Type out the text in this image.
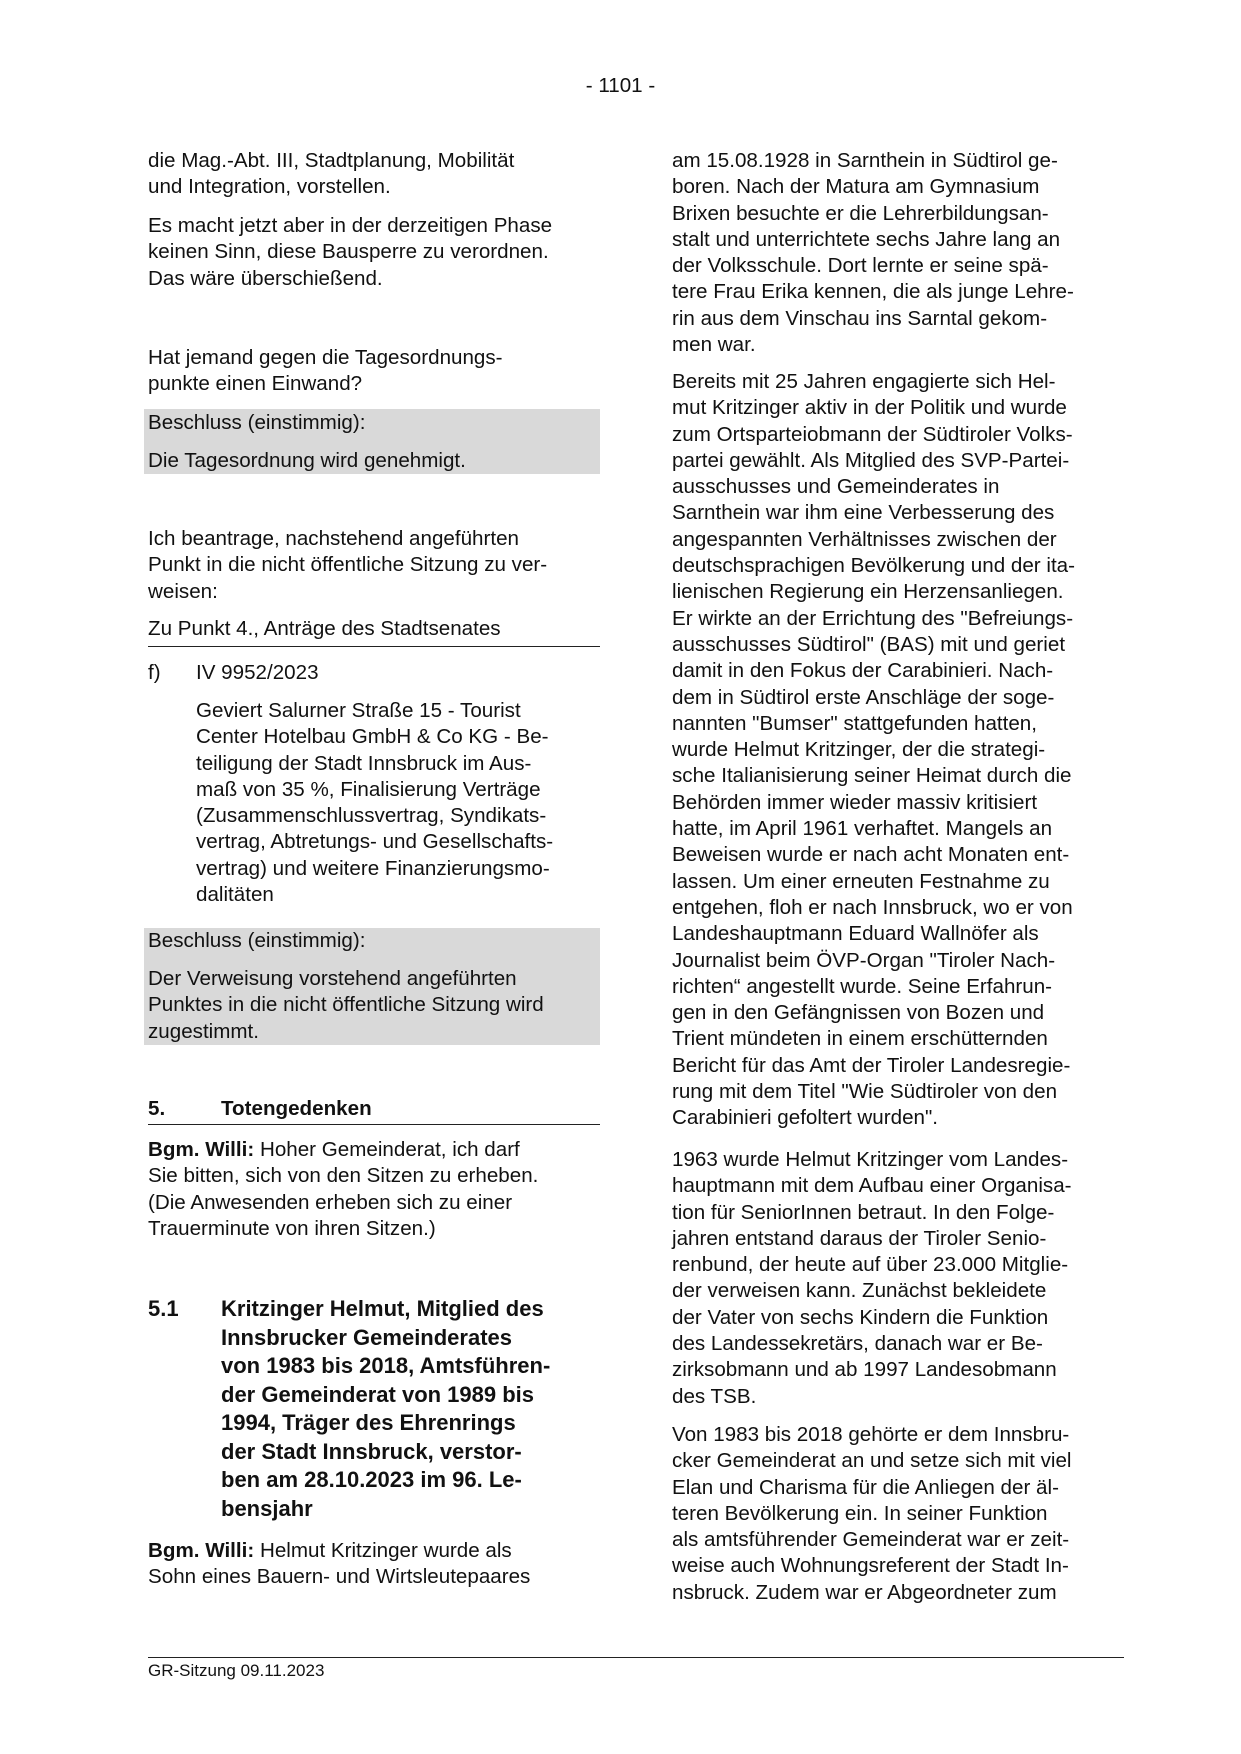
- 1101 -
die Mag.-Abt. III, Stadtplanung, Mobilität
und Integration, vorstellen.
Es macht jetzt aber in der derzeitigen Phase
keinen Sinn, diese Bausperre zu verordnen.
Das wäre überschießend.
Hat jemand gegen die Tagesordnungs-
punkte einen Einwand?
Beschluss (einstimmig):
Die Tagesordnung wird genehmigt.
Ich beantrage, nachstehend angeführten
Punkt in die nicht öffentliche Sitzung zu ver-
weisen:
Zu Punkt 4., Anträge des Stadtsenates
f) IV 9952/2023
Geviert Salurner Straße 15 - Tourist
Center Hotelbau GmbH & Co KG - Be-
teiligung der Stadt Innsbruck im Aus-
maß von 35 %, Finalisierung Verträge
(Zusammenschlussvertrag, Syndikats-
vertrag, Abtretungs- und Gesellschafts-
vertrag) und weitere Finanzierungsmo-
dalitäten
Beschluss (einstimmig):
Der Verweisung vorstehend angeführten
Punktes in die nicht öffentliche Sitzung wird
zugestimmt.
5.	Totengedenken
Bgm. Willi: Hoher Gemeinderat, ich darf
Sie bitten, sich von den Sitzen zu erheben.
(Die Anwesenden erheben sich zu einer
Trauerminute von ihren Sitzen.)
5.1 Kritzinger Helmut, Mitglied des
Innsbrucker Gemeinderates
von 1983 bis 2018, Amtsführen-
der Gemeinderat von 1989 bis
1994, Träger des Ehrenrings
der Stadt Innsbruck, verstor-
ben am 28.10.2023 im 96. Le-
bensjahr
Bgm. Willi: Helmut Kritzinger wurde als
Sohn eines Bauern- und Wirtsleutepaares
am 15.08.1928 in Sarnthein in Südtirol ge-
boren. Nach der Matura am Gymnasium
Brixen besuchte er die Lehrerbildungsan-
stalt und unterrichtete sechs Jahre lang an
der Volksschule. Dort lernte er seine spä-
tere Frau Erika kennen, die als junge Lehre-
rin aus dem Vinschau ins Sarntal gekom-
men war.
Bereits mit 25 Jahren engagierte sich Hel-
mut Kritzinger aktiv in der Politik und wurde
zum Ortsparteiobmann der Südtiroler Volks-
partei gewählt. Als Mitglied des SVP-Partei-
ausschusses und Gemeinderates in
Sarnthein war ihm eine Verbesserung des
angespannten Verhältnisses zwischen der
deutschsprachigen Bevölkerung und der ita-
lienischen Regierung ein Herzensanliegen.
Er wirkte an der Errichtung des "Befreiungs-
ausschusses Südtirol" (BAS) mit und geriet
damit in den Fokus der Carabinieri. Nach-
dem in Südtirol erste Anschläge der soge-
nannten "Bumser" stattgefunden hatten,
wurde Helmut Kritzinger, der die strategi-
sche Italianisierung seiner Heimat durch die
Behörden immer wieder massiv kritisiert
hatte, im April 1961 verhaftet. Mangels an
Beweisen wurde er nach acht Monaten ent-
lassen. Um einer erneuten Festnahme zu
entgehen, floh er nach Innsbruck, wo er von
Landeshauptmann Eduard Wallnöfer als
Journalist beim ÖVP-Organ "Tiroler Nach-
richten“ angestellt wurde. Seine Erfahrun-
gen in den Gefängnissen von Bozen und
Trient mündeten in einem erschütternden
Bericht für das Amt der Tiroler Landesregie-
rung mit dem Titel "Wie Südtiroler von den
Carabinieri gefoltert wurden".
1963 wurde Helmut Kritzinger vom Landes-
hauptmann mit dem Aufbau einer Organisa-
tion für SeniorInnen betraut. In den Folge-
jahren entstand daraus der Tiroler Senio-
renbund, der heute auf über 23.000 Mitglie-
der verweisen kann. Zunächst bekleidete
der Vater von sechs Kindern die Funktion
des Landessekretärs, danach war er Be-
zirksobmann und ab 1997 Landesobmann
des TSB.
Von 1983 bis 2018 gehörte er dem Innsbru-
cker Gemeinderat an und setze sich mit viel
Elan und Charisma für die Anliegen der äl-
teren Bevölkerung ein. In seiner Funktion
als amtsführender Gemeinderat war er zeit-
weise auch Wohnungsreferent der Stadt In-
nsbruck. Zudem war er Abgeordneter zum
GR-Sitzung 09.11.2023
